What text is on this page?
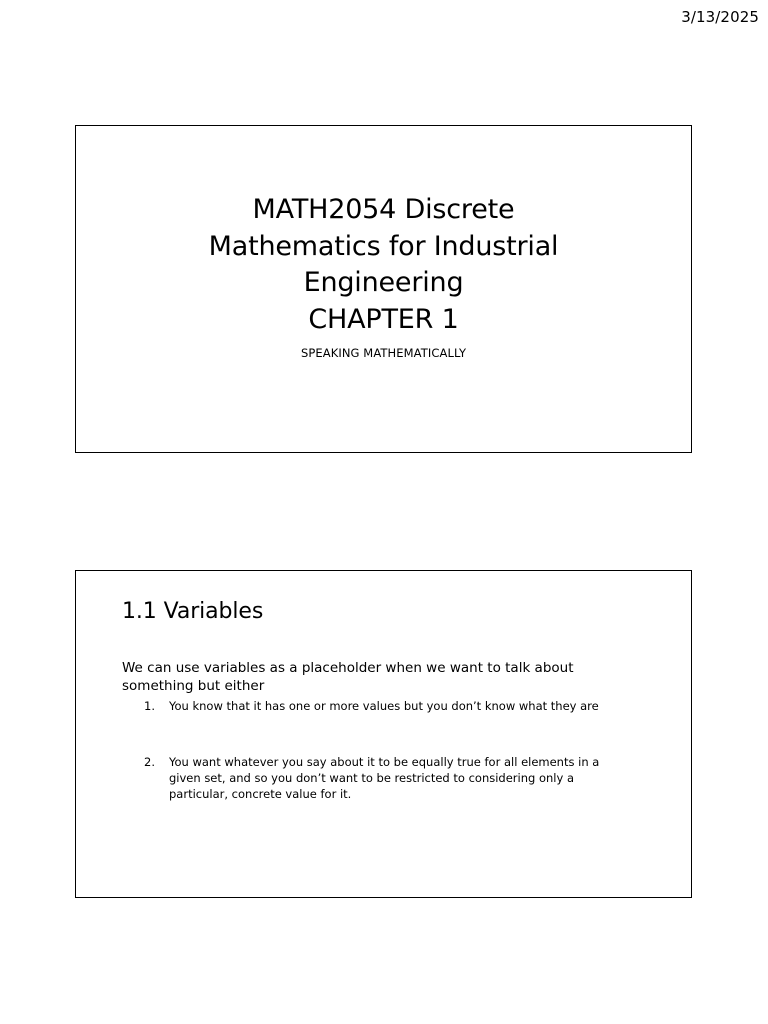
3/13/2025
MATH2054 Discrete
Mathematics for Industrial
Engineering
CHAPTER 1
SPEAKING MATHEMATICALLY
1.1 Variables
We can use variables as a placeholder when we want to talk about
something but either
1. You know that it has one or more values but you don’t know what they are
2. You want whatever you say about it to be equally true for all elements in a
given set, and so you don’t want to be restricted to considering only a
particular, concrete value for it.
